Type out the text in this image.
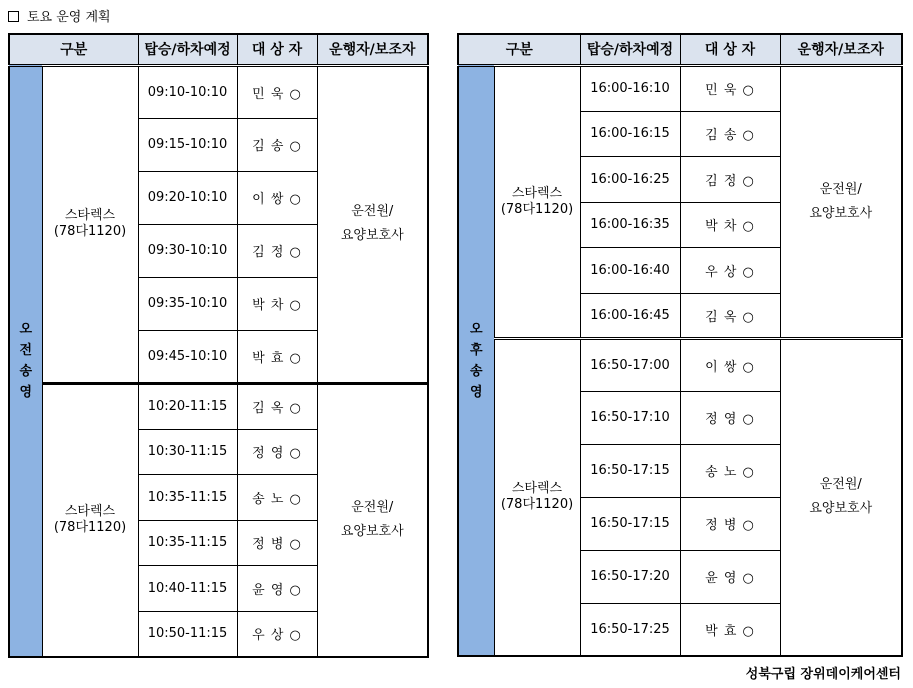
토요 운영 계획
구분		탑승/하차예정	대 상 자	운행자/보조자
오
전
송
영	스타렉스
(78다1120)	09:10-10:10	민 욱 ○	운전원/
요양보호사
		09:15-10:10	김 송 ○	
		09:20-10:10	이 쌍 ○	
		09:30-10:10	김 정 ○	
		09:35-10:10	박 차 ○	
		09:45-10:10	박 효 ○	
	스타렉스
(78다1120)	10:20-11:15	김 옥 ○	운전원/
요양보호사
		10:30-11:15	정 영 ○	
		10:35-11:15	송 노 ○	
		10:35-11:15	정 병 ○	
		10:40-11:15	윤 영 ○	
		10:50-11:15	우 상 ○	
구분		탑승/하차예정	대 상 자	운행자/보조자
오
후
송
영	스타렉스
(78다1120)	16:00-16:10	민 욱 ○	운전원/
요양보호사
		16:00-16:15	김 송 ○	
		16:00-16:25	김 정 ○	
		16:00-16:35	박 차 ○	
		16:00-16:40	우 상 ○	
		16:00-16:45	김 옥 ○	
	스타렉스
(78다1120)	16:50-17:00	이 쌍 ○	운전원/
요양보호사
		16:50-17:10	정 영 ○	
		16:50-17:15	송 노 ○	
		16:50-17:15	정 병 ○	
		16:50-17:20	윤 영 ○	
		16:50-17:25	박 효 ○	
성북구립 장위데이케어센터
